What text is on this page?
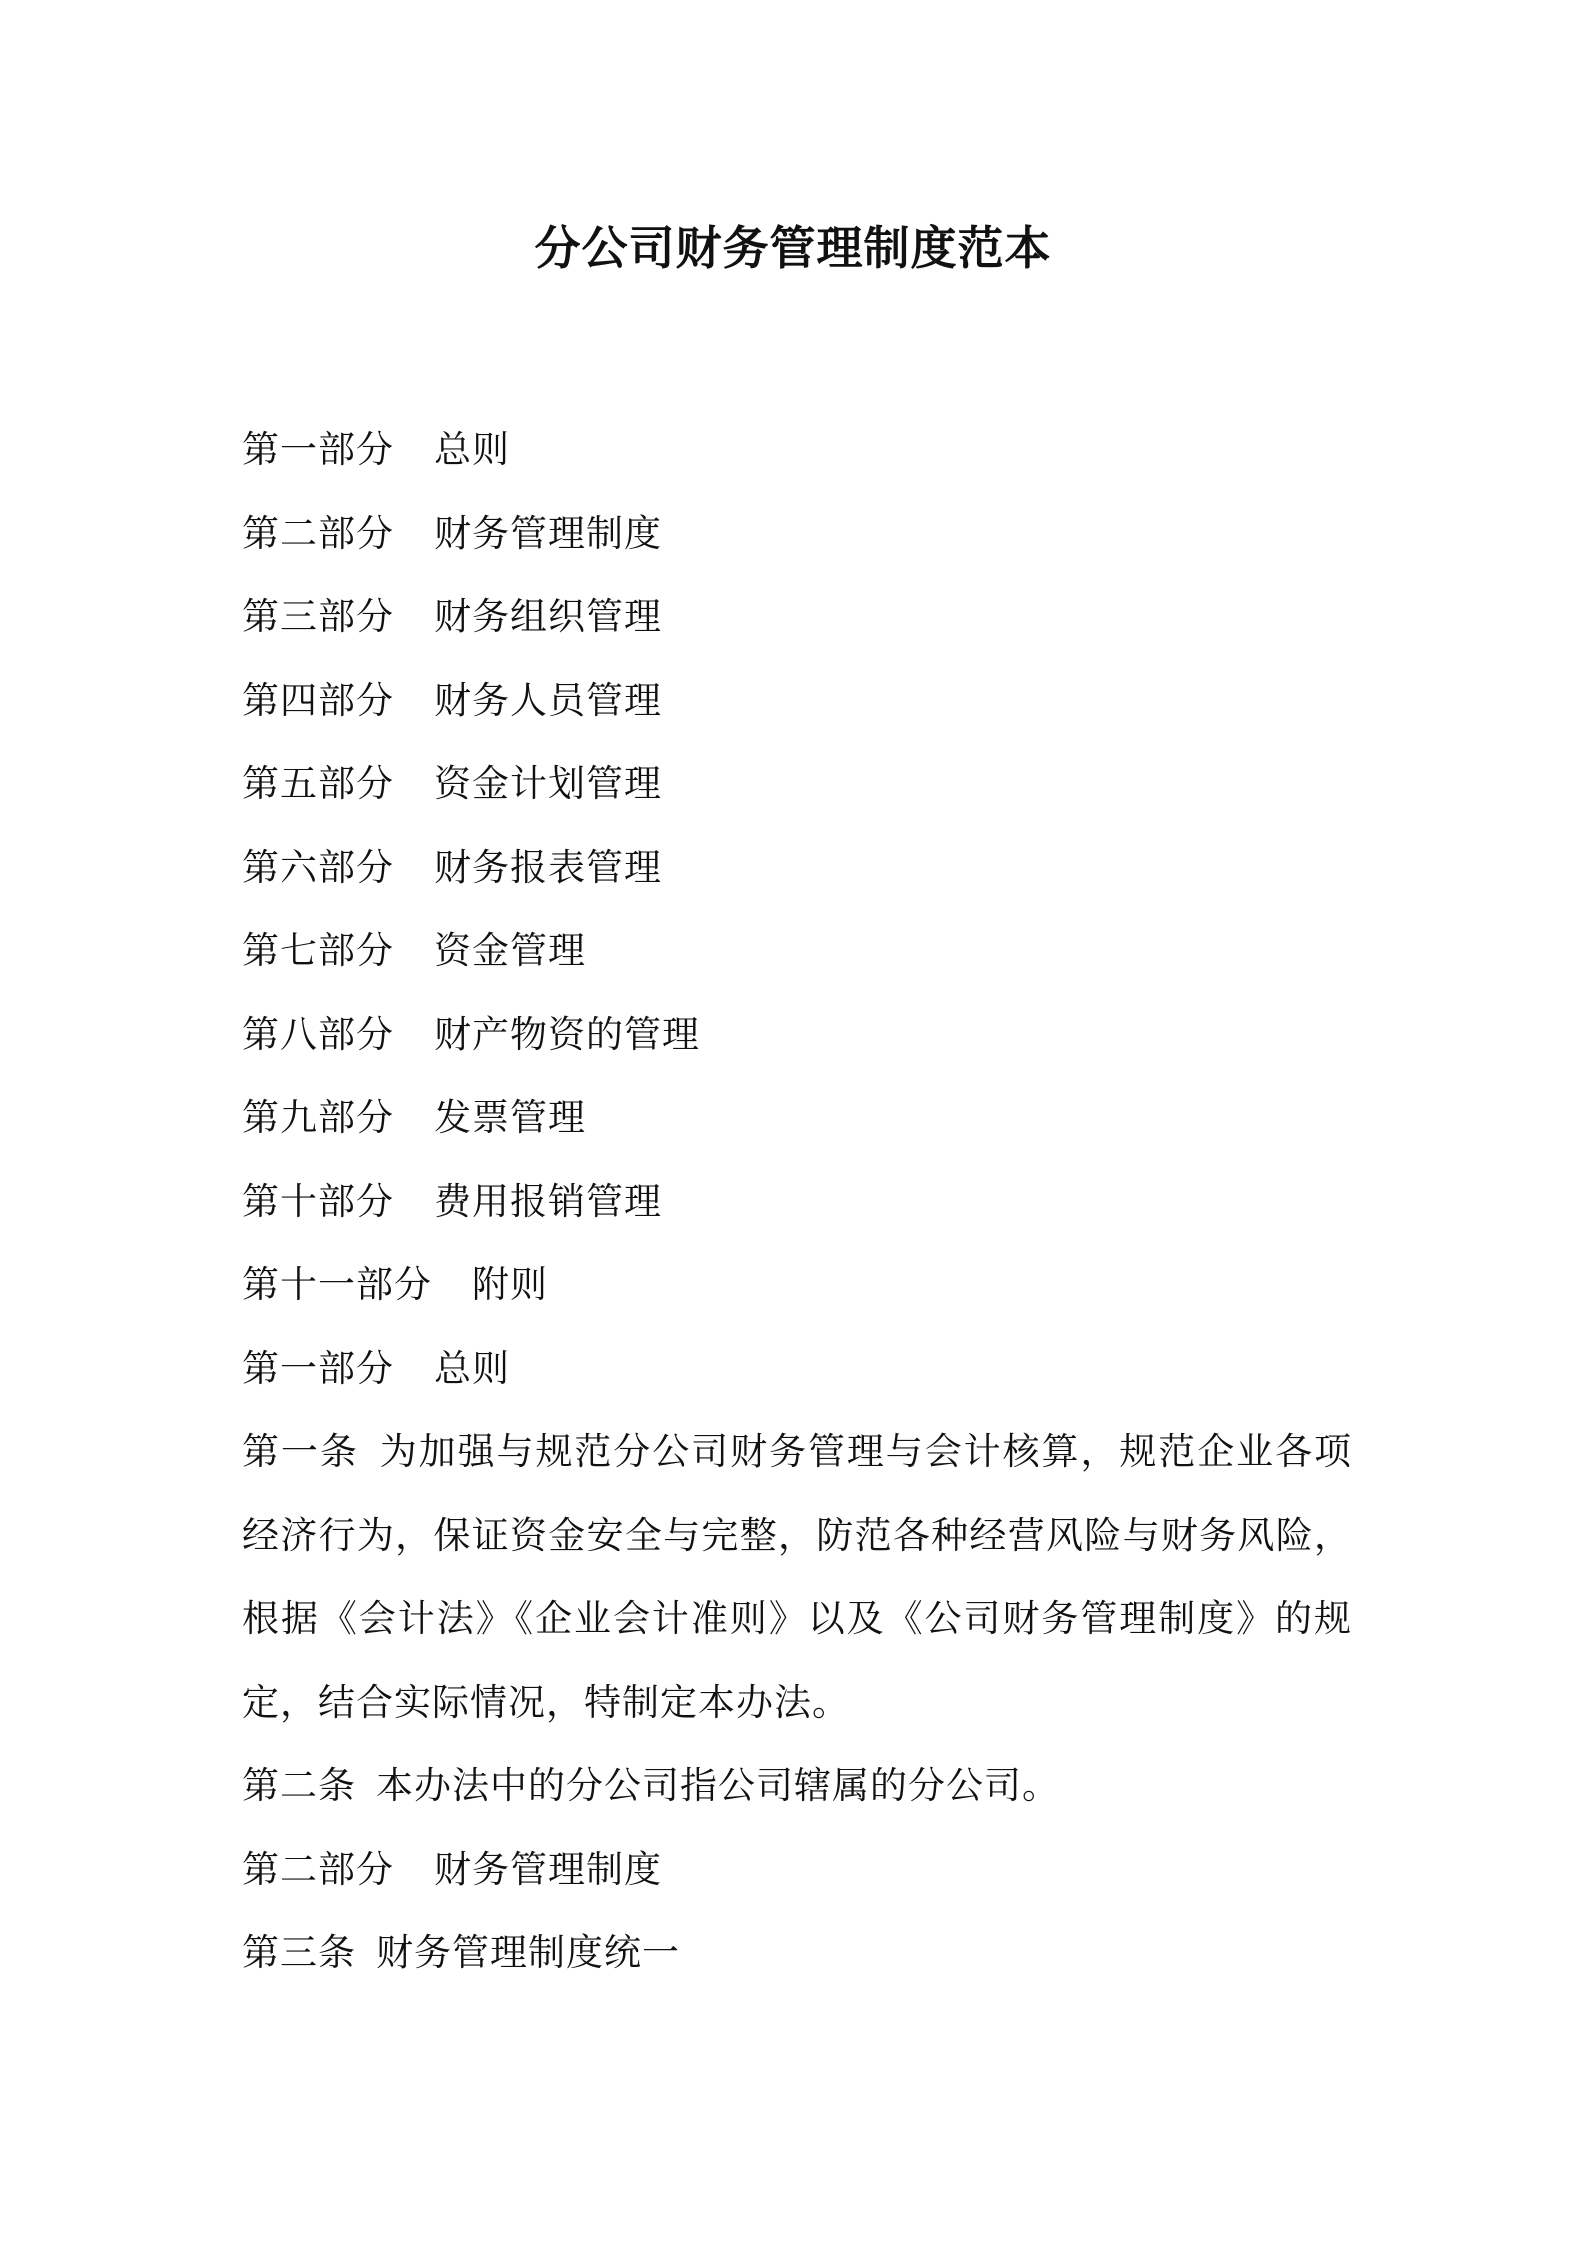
分公司财务管理制度范本
第一部分 总则
第二部分 财务管理制度
第三部分 财务组织管理
第四部分 财务人员管理
第五部分 资金计划管理
第六部分 财务报表管理
第七部分 资金管理
第八部分 财产物资的管理
第九部分 发票管理
第十部分 费用报销管理
第十一部分 附则
第一部分 总则
第一条 为加强与规范分公司财务管理与会计核算，规范企业各项经济行为，保证资金安全与完整，防范各种经营风险与财务风险，根据《会计法》《企业会计准则》以及《公司财务管理制度》的规定，结合实际情况，特制定本办法。
第二条 本办法中的分公司指公司辖属的分公司。
第二部分 财务管理制度
第三条 财务管理制度统一
